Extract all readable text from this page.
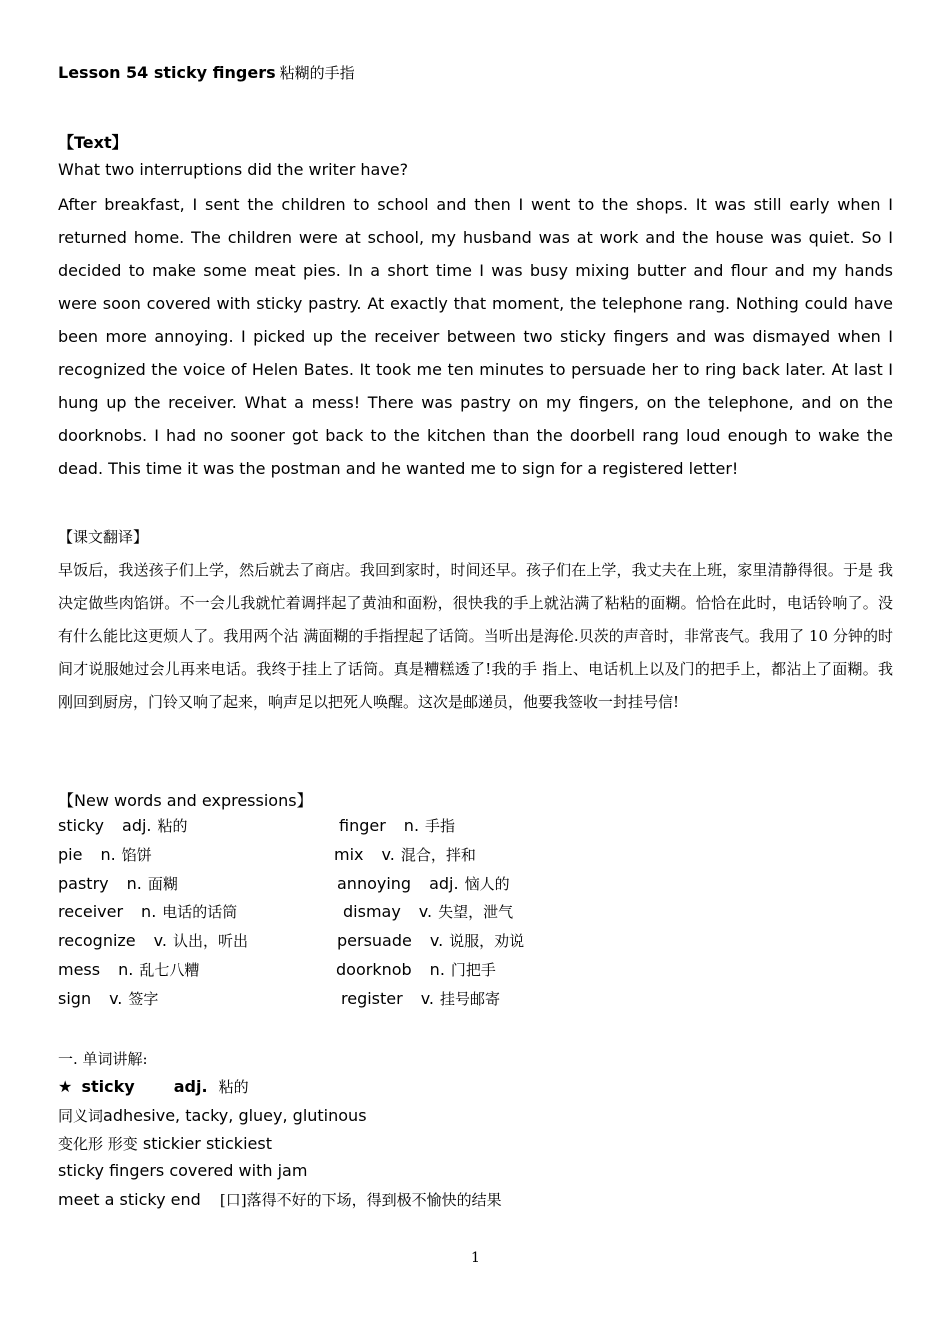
Lesson 54 sticky fingers 粘糊的手指
【Text】
What two interruptions did the writer have?
After breakfast, I sent the children to school and then I went to the shops. It was still early when I returned home. The children were at school, my husband was at work and the house was quiet. So I decided to make some meat pies. In a short time I was busy mixing butter and flour and my hands were soon covered with sticky pastry. At exactly that moment, the telephone rang. Nothing could have been more annoying. I picked up the receiver between two sticky fingers and was dismayed when I recognized the voice of Helen Bates. It took me ten minutes to persuade her to ring back later. At last I hung up the receiver. What a mess! There was pastry on my fingers, on the telephone, and on the doorknobs. I had no sooner got back to the kitchen than the doorbell rang loud enough to wake the dead. This time it was the postman and he wanted me to sign for a registered letter!
【课文翻译】
早饭后，我送孩子们上学，然后就去了商店。我回到家时，时间还早。孩子们在上学，我丈夫在上班，家里清静得很。于是 我决定做些肉馅饼。不一会儿我就忙着调拌起了黄油和面粉，很快我的手上就沾满了粘粘的面糊。恰恰在此时，电话铃响了。没有什么能比这更烦人了。我用两个沾 满面糊的手指捏起了话筒。当听出是海伦.贝茨的声音时，非常丧气。我用了 10 分钟的时间才说服她过会儿再来电话。我终于挂上了话筒。真是糟糕透了!我的手 指上、电话机上以及门的把手上，都沾上了面糊。我刚回到厨房，门铃又响了起来，响声足以把死人唤醒。这次是邮递员，他要我签收一封挂号信!
【New words and expressions】
sticky adj. 粘的	finger n. 手指
pie n. 馅饼	mix v. 混合，拌和
pastry n. 面糊	annoying adj. 恼人的
receiver n. 电话的话筒	dismay v. 失望，泄气
recognize v. 认出，听出	persuade v. 说服，劝说
mess n. 乱七八糟	doorknob n. 门把手
sign v. 签字	register v. 挂号邮寄
一. 单词讲解:
★ sticky adj. 粘的
同义词adhesive, tacky, gluey, glutinous
变化形 形变 stickier stickiest
sticky fingers covered with jam
meet a sticky end [口]落得不好的下场，得到极不愉快的结果
1
